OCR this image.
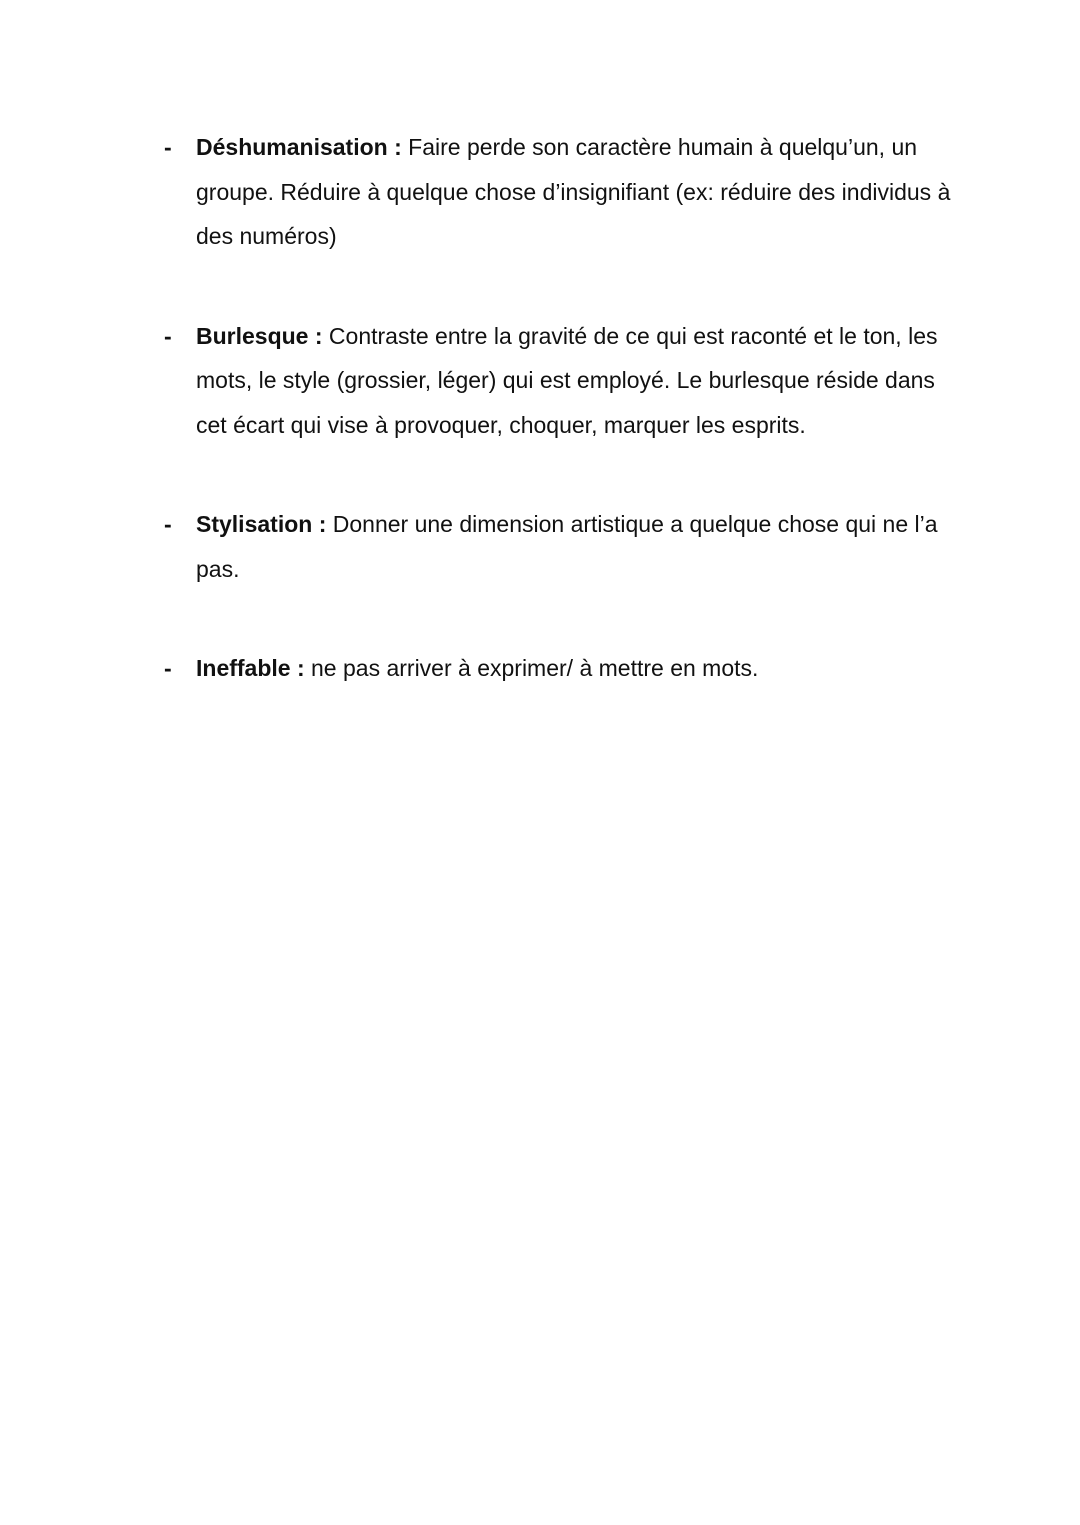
-	Déshumanisation : Faire perde son caractère humain à quelqu’un, un groupe. Réduire à quelque chose d’insignifiant (ex: réduire des individus à des numéros)
-	Burlesque : Contraste entre la gravité de ce qui est raconté et le ton, les mots, le style (grossier, léger) qui est employé. Le burlesque réside dans cet écart qui vise à provoquer, choquer, marquer les esprits.
-	Stylisation : Donner une dimension artistique a quelque chose qui ne l’a pas.
-	Ineffable : ne pas arriver à exprimer/ à mettre en mots.
